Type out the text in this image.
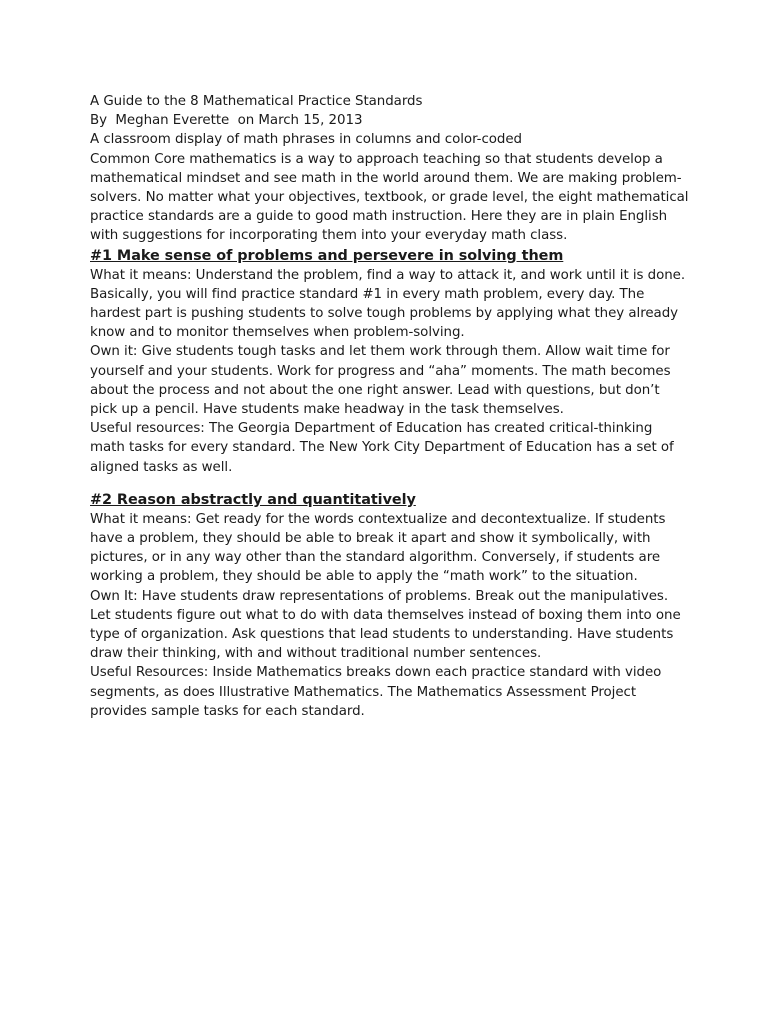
A Guide to the 8 Mathematical Practice Standards

By  Meghan Everette  on March 15, 2013

A classroom display of math phrases in columns and color-coded

Common Core mathematics is a way to approach teaching so that students develop a mathematical mindset and see math in the world around them. We are making problem-solvers. No matter what your objectives, textbook, or grade level, the eight mathematical practice standards are a guide to good math instruction. Here they are in plain English with suggestions for incorporating them into your everyday math class.

#1 Make sense of problems and persevere in solving them

What it means: Understand the problem, find a way to attack it, and work until it is done. Basically, you will find practice standard #1 in every math problem, every day. The hardest part is pushing students to solve tough problems by applying what they already know and to monitor themselves when problem-solving.

Own it: Give students tough tasks and let them work through them. Allow wait time for yourself and your students. Work for progress and “aha” moments. The math becomes about the process and not about the one right answer. Lead with questions, but don’t pick up a pencil. Have students make headway in the task themselves.

Useful resources: The Georgia Department of Education has created critical-thinking math tasks for every standard. The New York City Department of Education has a set of aligned tasks as well.

#2 Reason abstractly and quantitatively

What it means: Get ready for the words contextualize and decontextualize. If students have a problem, they should be able to break it apart and show it symbolically, with pictures, or in any way other than the standard algorithm. Conversely, if students are working a problem, they should be able to apply the “math work” to the situation.

Own It: Have students draw representations of problems. Break out the manipulatives. Let students figure out what to do with data themselves instead of boxing them into one type of organization. Ask questions that lead students to understanding. Have students draw their thinking, with and without traditional number sentences.

Useful Resources: Inside Mathematics breaks down each practice standard with video segments, as does Illustrative Mathematics. The Mathematics Assessment Project provides sample tasks for each standard.
